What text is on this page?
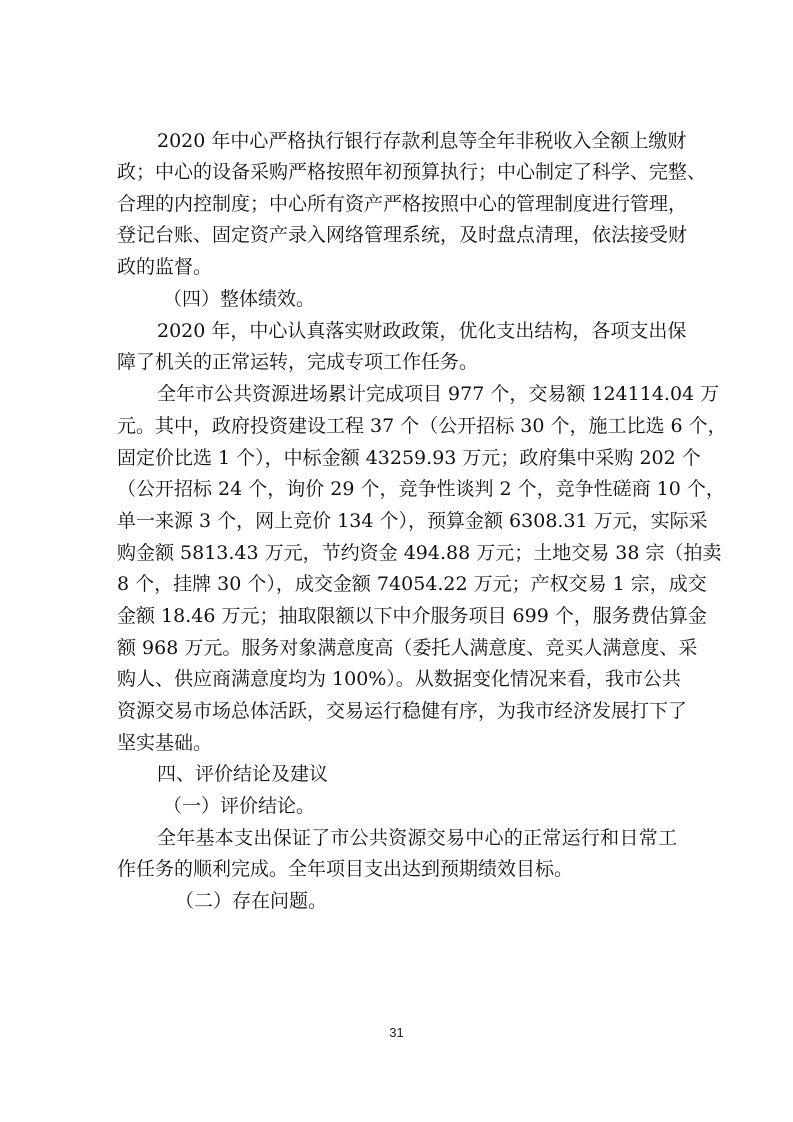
2020 年中心严格执行银行存款利息等全年非税收入全额上缴财
政；中心的设备采购严格按照年初预算执行；中心制定了科学、完整、
合理的内控制度；中心所有资产严格按照中心的管理制度进行管理，
登记台账、固定资产录入网络管理系统，及时盘点清理，依法接受财
政的监督。
（四）整体绩效。
2020 年，中心认真落实财政政策，优化支出结构，各项支出保
障了机关的正常运转，完成专项工作任务。
全年市公共资源进场累计完成项目 977 个，交易额 124114.04 万
元。其中，政府投资建设工程 37 个（公开招标 30 个，施工比选 6 个，
固定价比选 1 个），中标金额 43259.93 万元；政府集中采购 202 个
（公开招标 24 个，询价 29 个，竞争性谈判 2 个，竞争性磋商 10 个，
单一来源 3 个，网上竞价 134 个），预算金额 6308.31 万元，实际采
购金额 5813.43 万元，节约资金 494.88 万元；土地交易 38 宗（拍卖
8 个，挂牌 30 个），成交金额 74054.22 万元；产权交易 1 宗，成交
金额 18.46 万元；抽取限额以下中介服务项目 699 个，服务费估算金
额 968 万元。服务对象满意度高（委托人满意度、竞买人满意度、采
购人、供应商满意度均为 100%）。从数据变化情况来看，我市公共
资源交易市场总体活跃，交易运行稳健有序，为我市经济发展打下了
坚实基础。
四、评价结论及建议
（一）评价结论。
全年基本支出保证了市公共资源交易中心的正常运行和日常工
作任务的顺利完成。全年项目支出达到预期绩效目标。
（二）存在问题。
31
